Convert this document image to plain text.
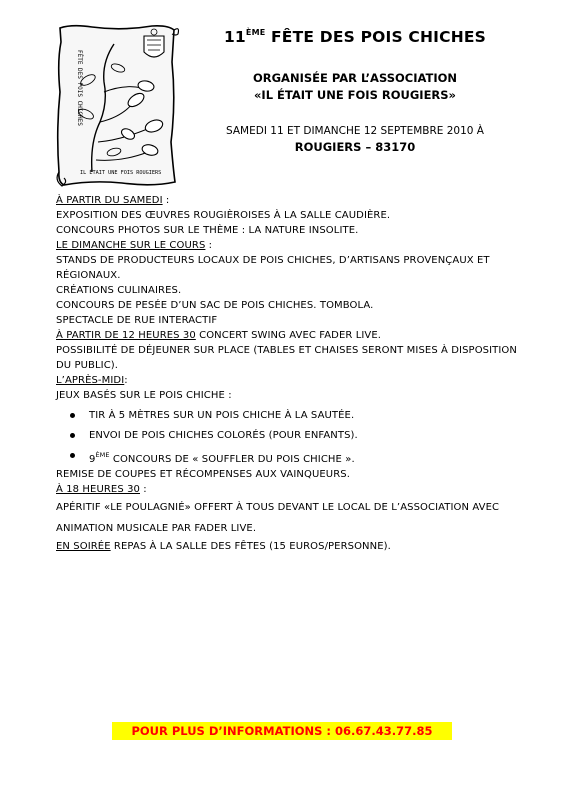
FÊTE DES POIS CHICHES
IL ÉTAIT UNE FOIS ROUGIERS
11ÈME FÊTE DES POIS CHICHES
ORGANISÉE PAR L’ASSOCIATION
«IL ÉTAIT UNE FOIS ROUGIERS»
SAMEDI 11 ET DIMANCHE 12 SEPTEMBRE 2010 À
ROUGIERS – 83170

À PARTIR DU SAMEDI :

EXPOSITION DES ŒUVRES ROUGIÈROISES À LA SALLE CAUDIÈRE.

CONCOURS PHOTOS SUR LE THÈME : LA NATURE INSOLITE.

LE DIMANCHE SUR LE COURS :

STANDS DE PRODUCTEURS LOCAUX DE POIS CHICHES, D’ARTISANS PROVENÇAUX ET RÉGIONAUX.

CRÉATIONS CULINAIRES.

CONCOURS DE PESÉE D’UN SAC DE POIS CHICHES. TOMBOLA.

SPECTACLE DE RUE INTERACTIF

À PARTIR DE 12 HEURES 30 CONCERT SWING AVEC FADER LIVE.

POSSIBILITÉ DE DÉJEUNER SUR PLACE (TABLES ET CHAISES SERONT MISES À DISPOSITION DU PUBLIC).

L’APRÈS-MIDI:

JEUX BASÉS SUR LE POIS CHICHE :

TIR À 5 MÈTRES SUR UN POIS CHICHE À LA SAUTÉE.
ENVOI DE POIS CHICHES COLORÉS (POUR ENFANTS).
9ÈME CONCOURS DE « SOUFFLER DU POIS CHICHE ».

REMISE DE COUPES ET RÉCOMPENSES AUX VAINQUEURS.

À 18 HEURES 30 :

APÉRITIF «LE POULAGNIÉ» OFFERT À TOUS DEVANT LE LOCAL DE L’ASSOCIATION AVEC ANIMATION MUSICALE PAR FADER LIVE.

EN SOIRÉE REPAS À LA SALLE DES FÊTES (15 EUROS/PERSONNE).

POUR PLUS D’INFORMATIONS : 06.67.43.77.85
